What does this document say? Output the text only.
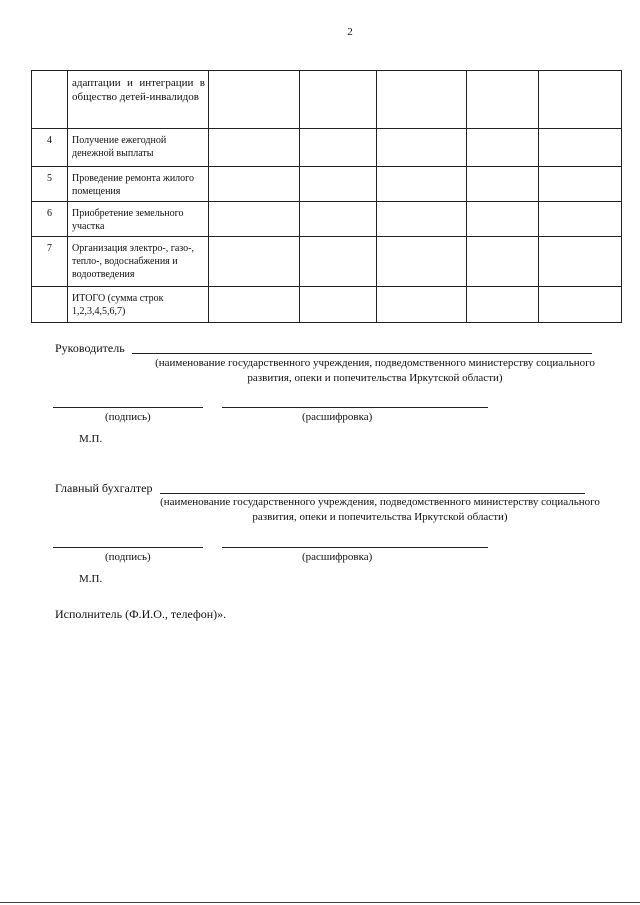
2
	адаптации и интеграции в общество детей-инвалидов					
4	Получение ежегодной денежной выплаты					
5	Проведение ремонта жилого помещения					
6	Приобретение земельного участка					
7	Организация электро-, газо-, тепло-, водоснабжения и водоотведения					
	ИТОГО (сумма строк 1,2,3,4,5,6,7)					
Руководитель
(наименование государственного учреждения, подведомственного министерству социального развития, опеки и попечительства Иркутской области)
(подпись)	(расшифровка)
М.П.
Главный бухгалтер
(наименование государственного учреждения, подведомственного министерству социального развития, опеки и попечительства Иркутской области)
(подпись)	(расшифровка)
М.П.
Исполнитель (Ф.И.О., телефон)».
